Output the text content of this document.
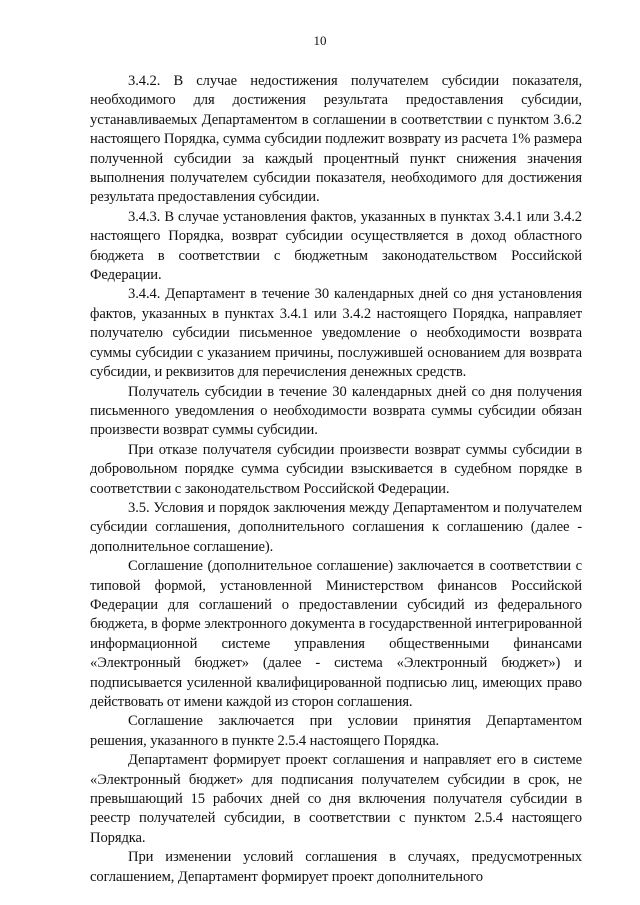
10

3.4.2. В случае недостижения получателем субсидии показателя, необходимого для достижения результата предоставления субсидии, устанавливаемых Департаментом в соглашении в соответствии с пунктом 3.6.2 настоящего Порядка, сумма субсидии подлежит возврату из расчета 1% размера полученной субсидии за каждый процентный пункт снижения значения выполнения получателем субсидии показателя, необходимого для достижения результата предоставления субсидии.

3.4.3. В случае установления фактов, указанных в пунктах 3.4.1 или 3.4.2 настоящего Порядка, возврат субсидии осуществляется в доход областного бюджета в соответствии с бюджетным законодательством Российской Федерации.

3.4.4. Департамент в течение 30 календарных дней со дня установления фактов, указанных в пунктах 3.4.1 или 3.4.2 настоящего Порядка, направляет получателю субсидии письменное уведомление о необходимости возврата суммы субсидии с указанием причины, послужившей основанием для возврата субсидии, и реквизитов для перечисления денежных средств.

Получатель субсидии в течение 30 календарных дней со дня получения письменного уведомления о необходимости возврата суммы субсидии обязан произвести возврат суммы субсидии.

При отказе получателя субсидии произвести возврат суммы субсидии в добровольном порядке сумма субсидии взыскивается в судебном порядке в соответствии с законодательством Российской Федерации.

3.5. Условия и порядок заключения между Департаментом и получателем субсидии соглашения, дополнительного соглашения к соглашению (далее - дополнительное соглашение).

Соглашение (дополнительное соглашение) заключается в соответствии с типовой формой, установленной Министерством финансов Российской Федерации для соглашений о предоставлении субсидий из федерального бюджета, в форме электронного документа в государственной интегрированной информационной системе управления общественными финансами «Электронный бюджет» (далее - система «Электронный бюджет») и подписывается усиленной квалифицированной подписью лиц, имеющих право действовать от имени каждой из сторон соглашения.

Соглашение заключается при условии принятия Департаментом решения, указанного в пункте 2.5.4 настоящего Порядка.

Департамент формирует проект соглашения и направляет его в системе «Электронный бюджет» для подписания получателем субсидии в срок, не превышающий 15 рабочих дней со дня включения получателя субсидии в реестр получателей субсидии, в соответствии с пунктом 2.5.4 настоящего Порядка.

При изменении условий соглашения в случаях, предусмотренных соглашением, Департамент формирует проект дополнительного
